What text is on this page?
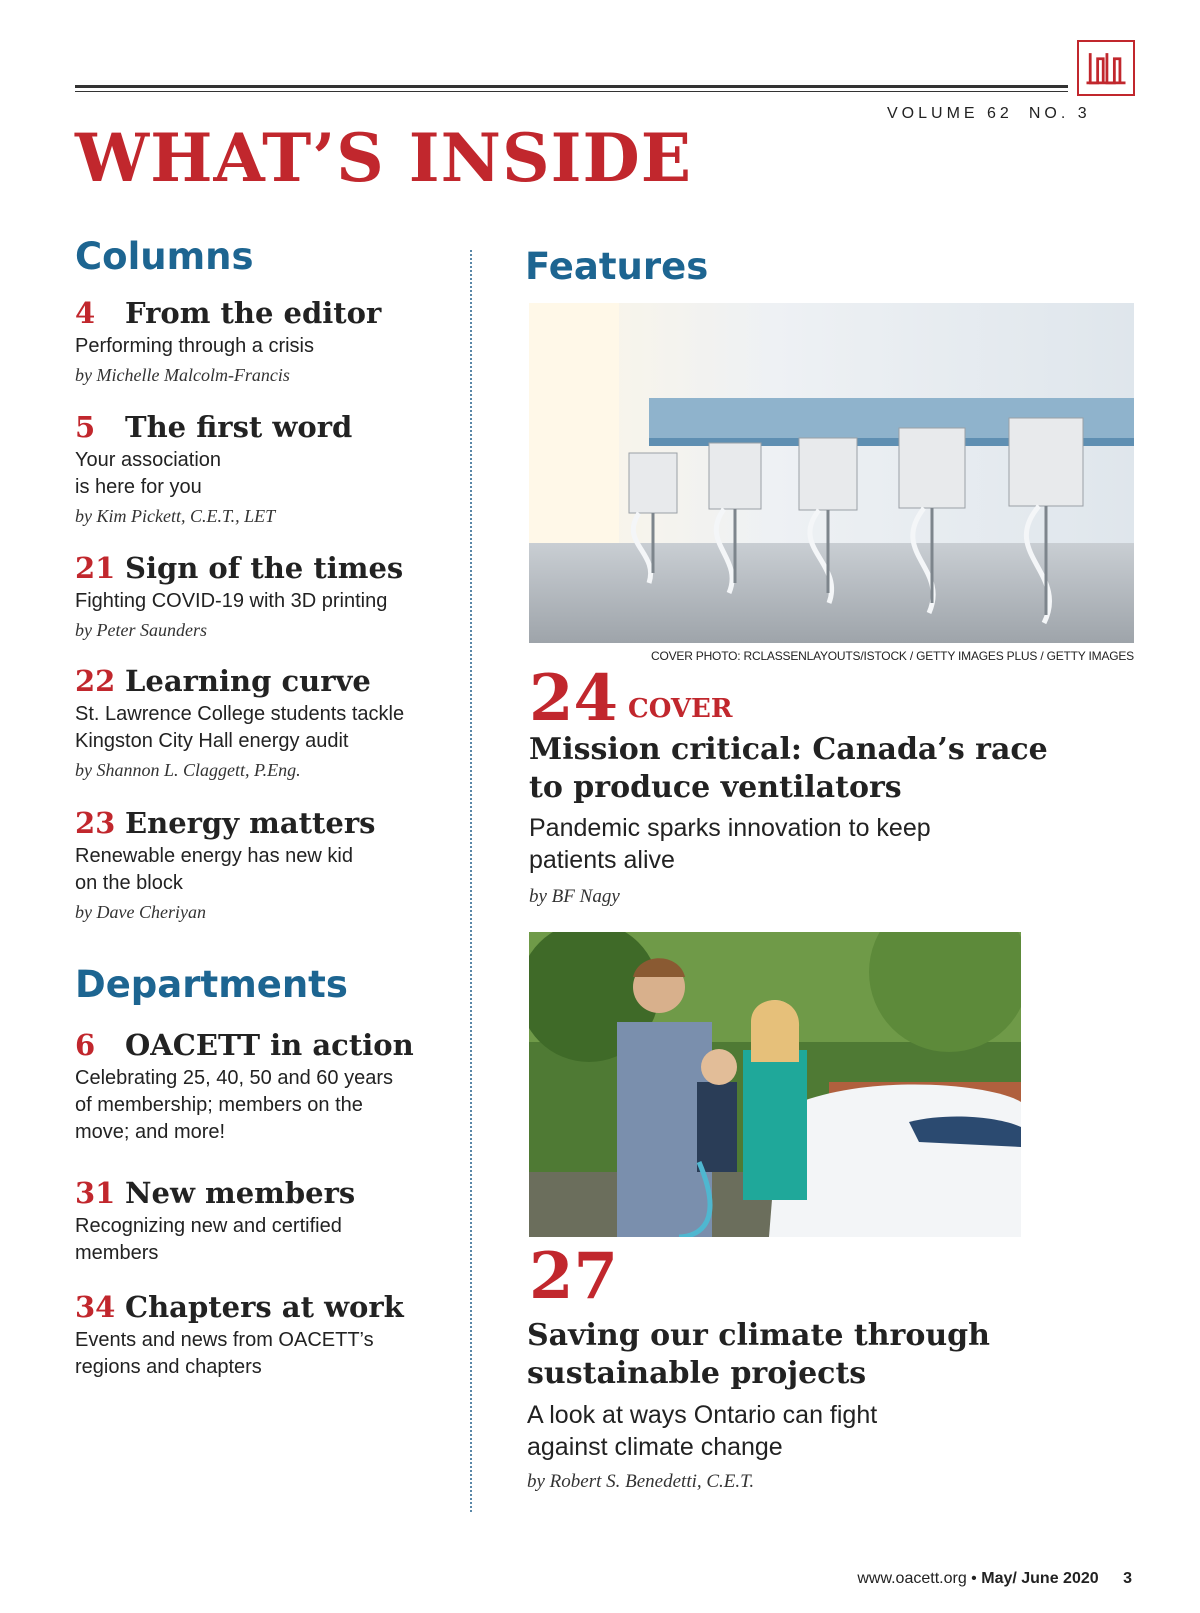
VOLUME 62 NO. 3
WHAT’S INSIDE
Columns
4 From the editor
Performing through a crisis
by Michelle Malcolm-Francis
5 The first word
Your association
is here for you
by Kim Pickett, C.E.T., LET
21 Sign of the times
Fighting COVID-19 with 3D printing
by Peter Saunders
22 Learning curve
St. Lawrence College students tackle
Kingston City Hall energy audit
by Shannon L. Claggett, P.Eng.
23 Energy matters
Renewable energy has new kid
on the block
by Dave Cheriyan
Departments
6 OACETT in action
Celebrating 25, 40, 50 and 60 years
of membership; members on the
move; and more!
31 New members
Recognizing new and certified
members
34 Chapters at work
Events and news from OACETT’s
regions and chapters
Features
COVER PHOTO: RCLASSENLAYOUTS/ISTOCK / GETTY IMAGES PLUS / GETTY IMAGES
24 COVER
Mission critical: Canada’s race
to produce ventilators
Pandemic sparks innovation to keep
patients alive
by BF Nagy
27
Saving our climate through
sustainable projects
A look at ways Ontario can fight
against climate change
by Robert S. Benedetti, C.E.T.
www.oacett.org • May/ June 2020 3
